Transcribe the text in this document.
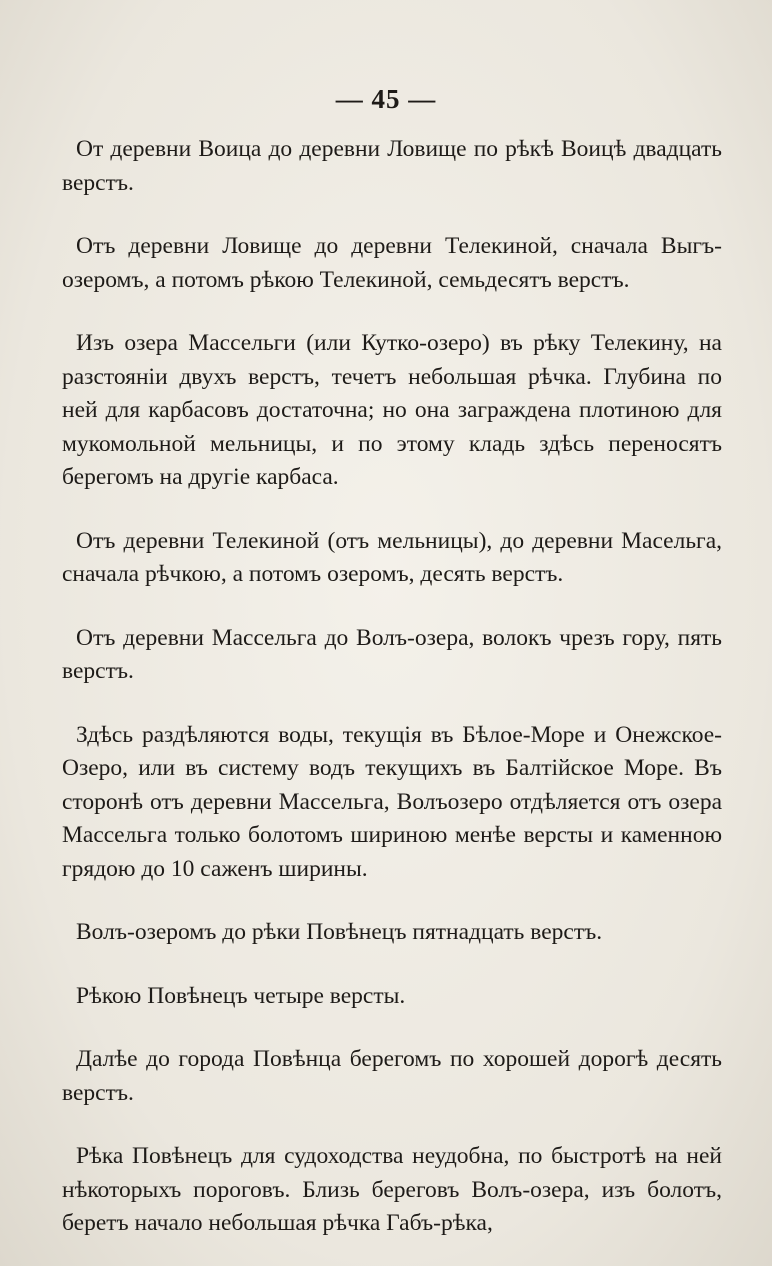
— 45 —

От деревни Воица до деревни Ловище по рѣкѣ Воицѣ двадцать верстъ.

Отъ деревни Ловище до деревни Телекиной, сначала Выгъ-озеромъ, а потомъ рѣкою Телекиной, семьдесятъ верстъ.

Изъ озера Массельги (или Кутко-озеро) въ рѣку Телекину, на разстояніи двухъ верстъ, течетъ небольшая рѣчка. Глубина по ней для карбасовъ достаточна; но она заграждена плотиною для мукомольной мельницы, и по этому кладь здѣсь переносятъ берегомъ на другіе карбаса.

Отъ деревни Телекиной (отъ мельницы), до деревни Масельга, сначала рѣчкою, а потомъ озеромъ, десять верстъ.

Отъ деревни Масcельга до Волъ-озера, волокъ чрезъ гору, пять верстъ.

Здѣсь раздѣляются воды, текущія въ Бѣлое-Море и Онежское-Озеро, или въ систему водъ текущихъ въ Балтійское Море. Въ сторонѣ отъ деревни Масcельга, Волъозеро отдѣляется отъ озера Масcельга только болотомъ шириною менѣе версты и каменною грядою до 10 саженъ ширины.

Волъ-озеромъ до рѣки Повѣнецъ пятнадцать верстъ.

Рѣкою Повѣнецъ четыре версты.

Далѣе до города Повѣнца берегомъ по хорошей дорогѣ десять верстъ.

Рѣка Повѣнецъ для судоходства неудобна, по быстротѣ на ней нѣкоторыхъ пороговъ. Близь береговъ Волъ-озера, изъ болотъ, беретъ начало небольшая рѣчка Габъ-рѣка,
